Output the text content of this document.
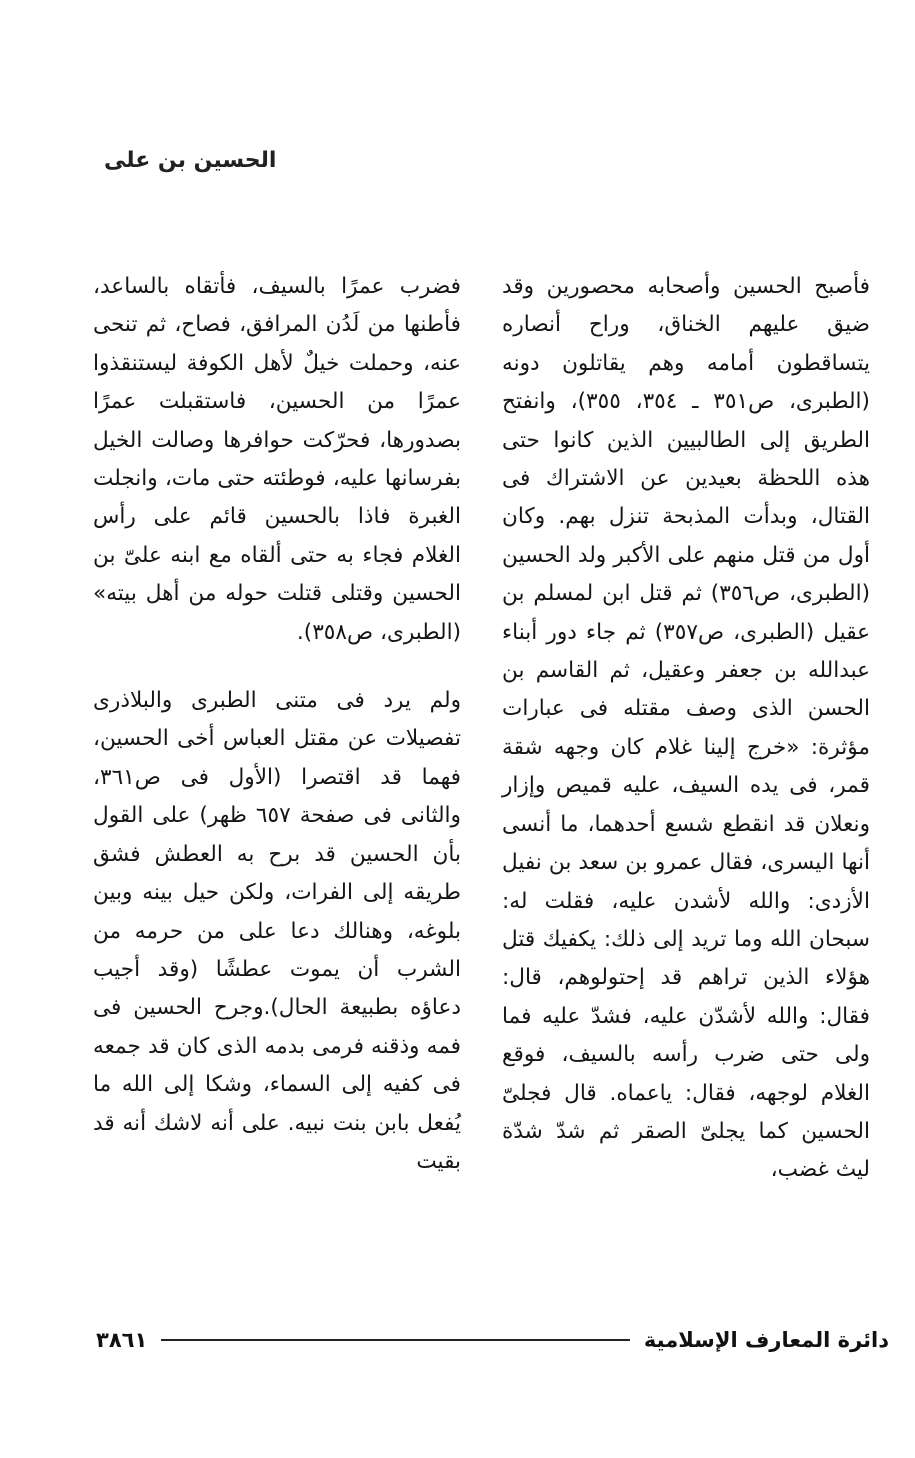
الحسين بن على

فأصبح الحسين وأصحابه محصورين وقد ضيق عليهم الخناق، وراح أنصاره يتساقطون أمامه وهم يقاتلون دونه (الطبرى، ص٣٥١ ـ ٣٥٤، ٣٥٥)، وانفتح الطريق إلى الطالبيين الذين كانوا حتى هذه اللحظة بعيدين عن الاشتراك فى القتال، وبدأت المذبحة تنزل بهم. وكان أول من قتل منهم على الأكبر ولد الحسين (الطبرى، ص٣٥٦) ثم قتل ابن لمسلم بن عقيل (الطبرى، ص٣٥٧) ثم جاء دور أبناء عبدالله بن جعفر وعقيل، ثم القاسم بن الحسن الذى وصف مقتله فى عبارات مؤثرة: «خرج إلينا غلام كان وجهه شقة قمر، فى يده السيف، عليه قميص وإزار ونعلان قد انقطع شسع أحدهما، ما أنسى أنها اليسرى، فقال عمرو بن سعد بن نفيل الأزدى: والله لأشدن عليه، فقلت له: سبحان الله وما تريد إلى ذلك: يكفيك قتل هؤلاء الذين تراهم قد إحتولوهم، قال: فقال: والله لأشدّن عليه، فشدّ عليه فما ولى حتى ضرب رأسه بالسيف، فوقع الغلام لوجهه، فقال: ياعماه. قال فجلىّ الحسين كما يجلىّ الصقر ثم شدّ شدّة ليث غضب،

فضرب عمرًا بالسيف، فأتقاه بالساعد، فأطنها من لَدُن المرافق، فصاح، ثم تنحى عنه، وحملت خيلٌ لأهل الكوفة ليستنقذوا عمرًا من الحسين، فاستقبلت عمرًا بصدورها، فحرّكت حوافرها وصالت الخيل بفرسانها عليه، فوطئته حتى مات، وانجلت الغبرة فاذا بالحسين قائم على رأس الغلام فجاء به حتى ألقاه مع ابنه علىّ بن الحسين وقتلى قتلت حوله من أهل بيته» (الطبرى، ص٣٥٨).

ولم يرد فى متنى الطبرى والبلاذرى تفصيلات عن مقتل العباس أخى الحسين، فهما قد اقتصرا (الأول فى ص٣٦١، والثانى فى صفحة ٦٥٧ ظهر) على القول بأن الحسين قد برح به العطش فشق طريقه إلى الفرات، ولكن حيل بينه وبين بلوغه، وهنالك دعا على من حرمه من الشرب أن يموت عطشًا (وقد أجيب دعاؤه بطبيعة الحال).وجرح الحسين فى فمه وذقنه فرمى بدمه الذى كان قد جمعه فى كفيه إلى السماء، وشكا إلى الله ما يُفعل بابن بنت نبيه. على أنه لاشك أنه قد بقيت

دائرة المعارف الإسلامية
٣٨٦١
